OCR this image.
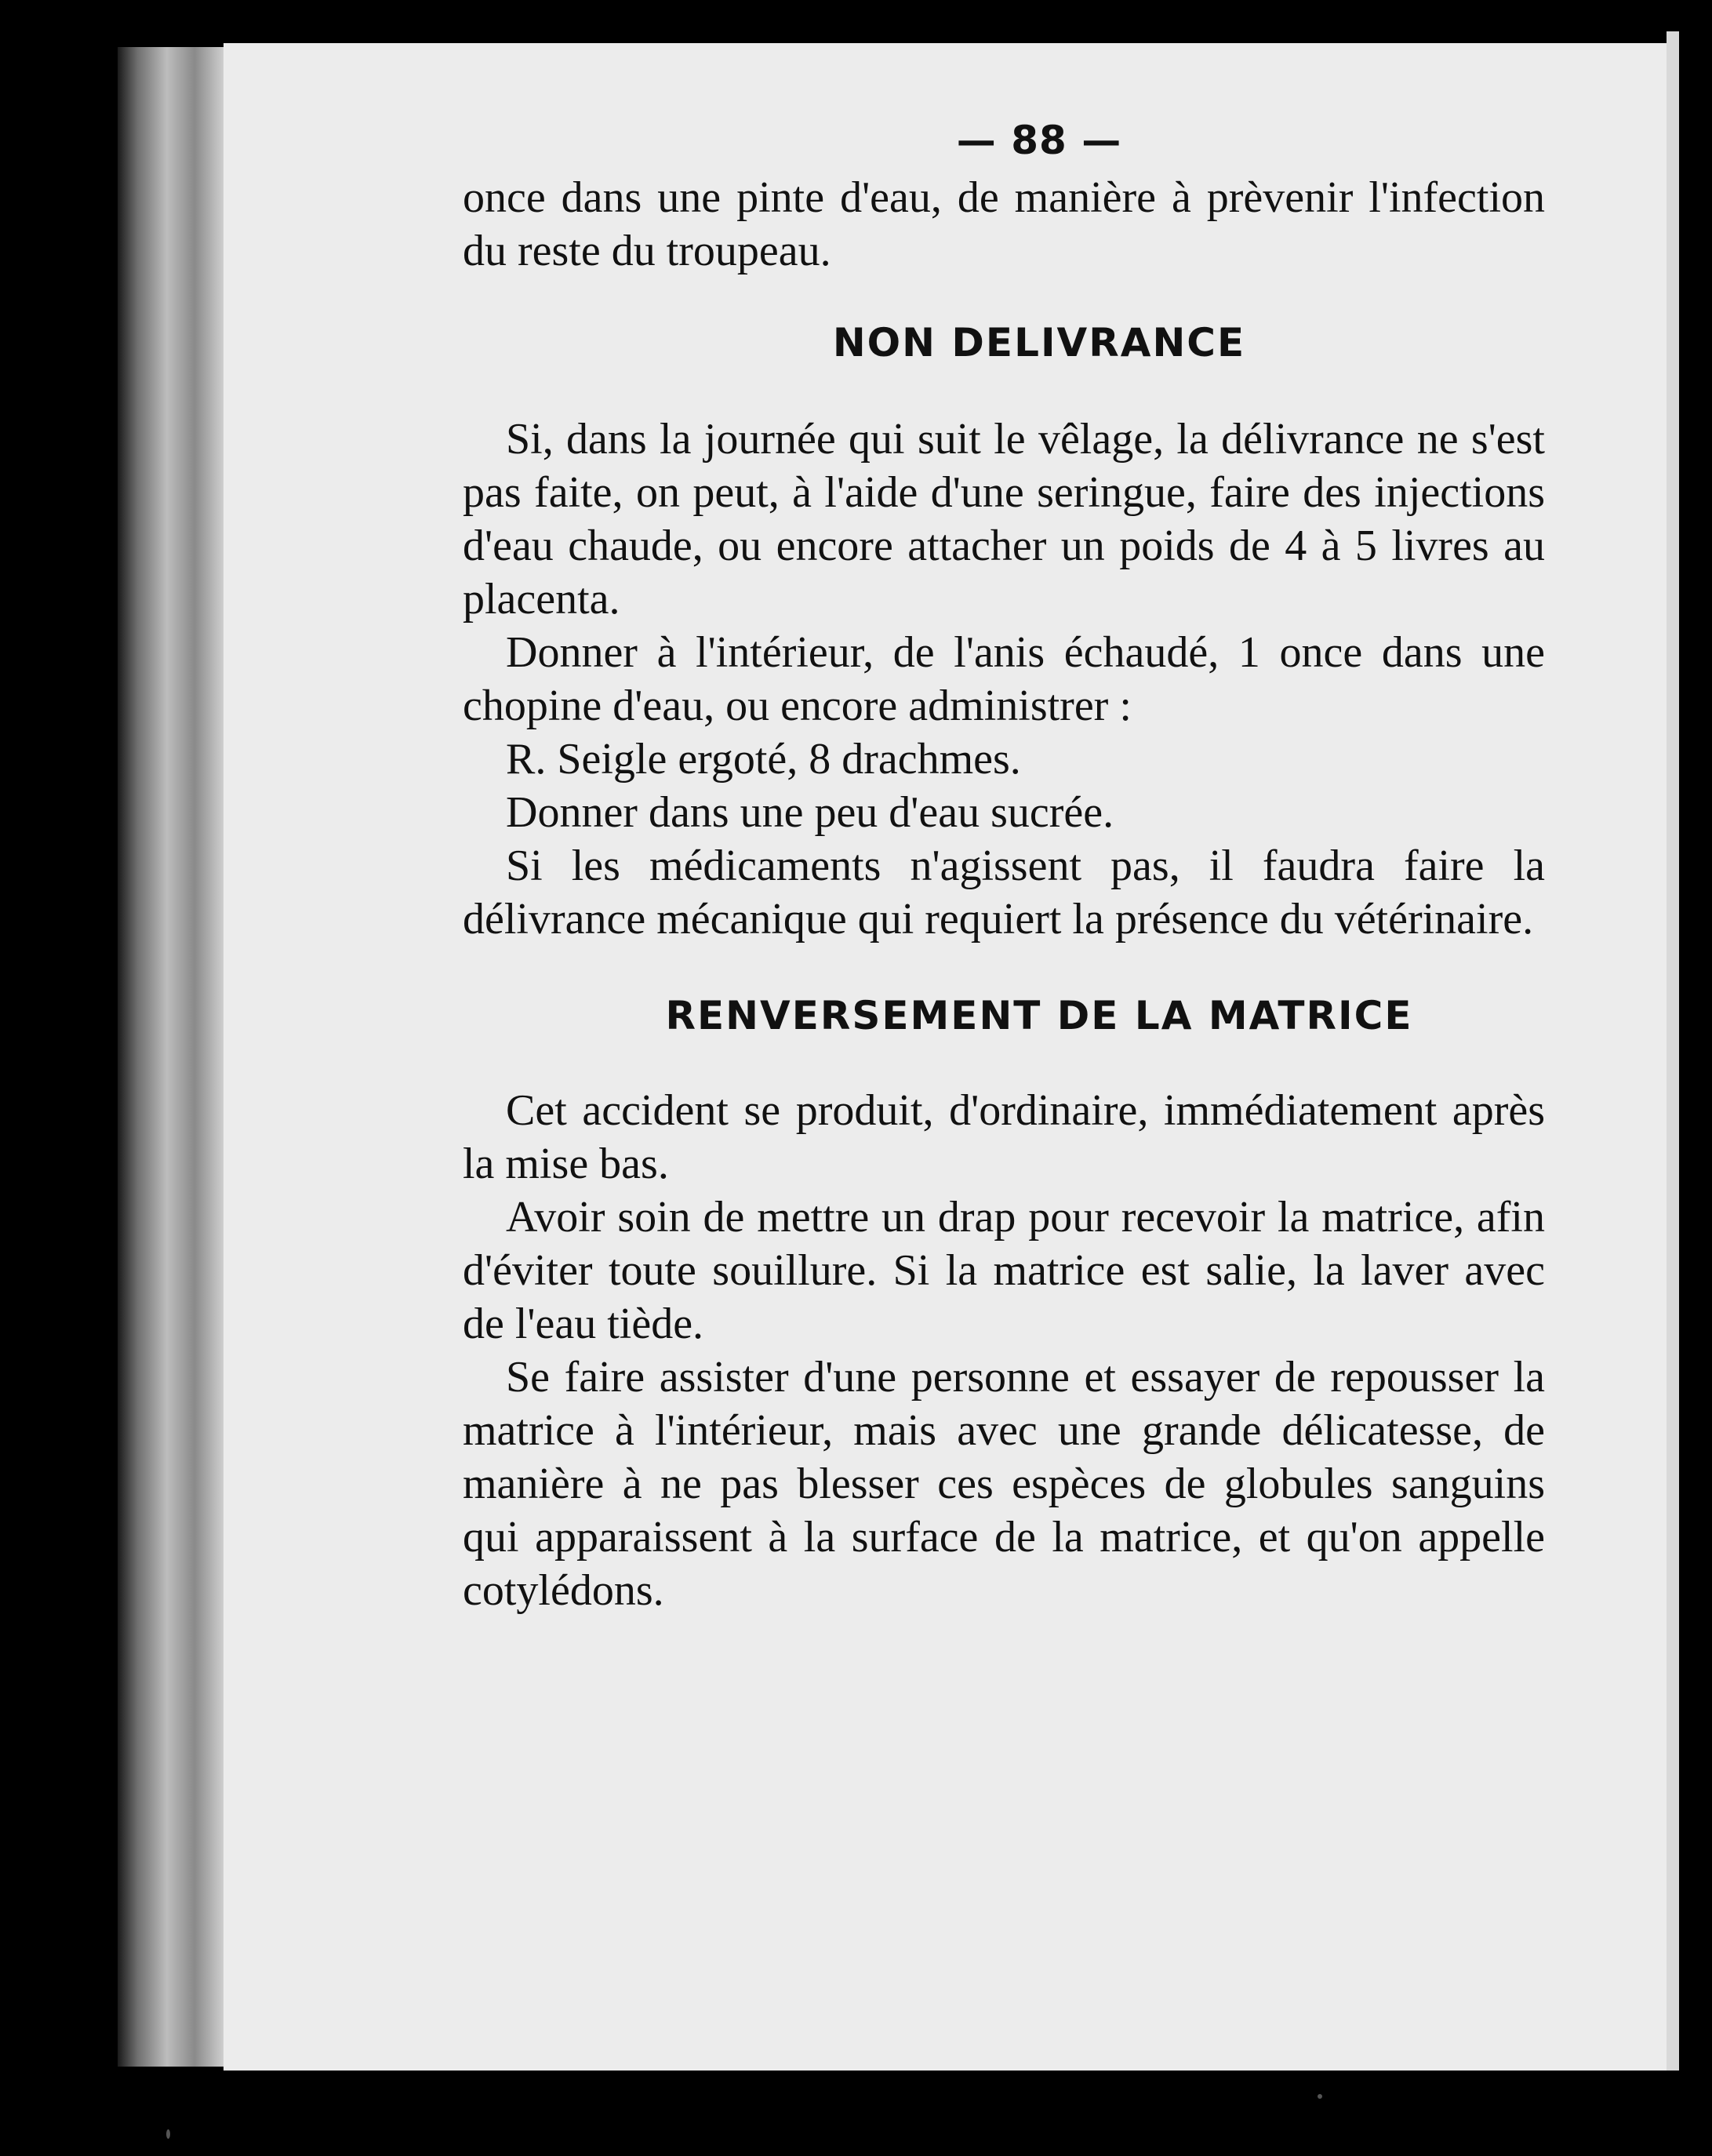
— 88 —

once dans une pinte d'eau, de manière à prèvenir l'infection du reste du troupeau.

NON DELIVRANCE

Si, dans la journée qui suit le vêlage, la délivrance ne s'est pas faite, on peut, à l'aide d'une seringue, faire des injections d'eau chaude, ou encore attacher un poids de 4 à 5 livres au placenta.

Donner à l'intérieur, de l'anis échaudé, 1 once dans une chopine d'eau, ou encore administrer :

R. Seigle ergoté, 8 drachmes.

Donner dans une peu d'eau sucrée.

Si les médicaments n'agissent pas, il faudra faire la délivrance mécanique qui requiert la présence du vétérinaire.

RENVERSEMENT DE LA MATRICE

Cet accident se produit, d'ordinaire, immédiatement après la mise bas.

Avoir soin de mettre un drap pour recevoir la matrice, afin d'éviter toute souillure. Si la matrice est salie, la laver avec de l'eau tiède.

Se faire assister d'une personne et essayer de repousser la matrice à l'intérieur, mais avec une grande délicatesse, de manière à ne pas blesser ces espèces de globules sanguins qui apparaissent à la surface de la matrice, et qu'on appelle cotylédons.
